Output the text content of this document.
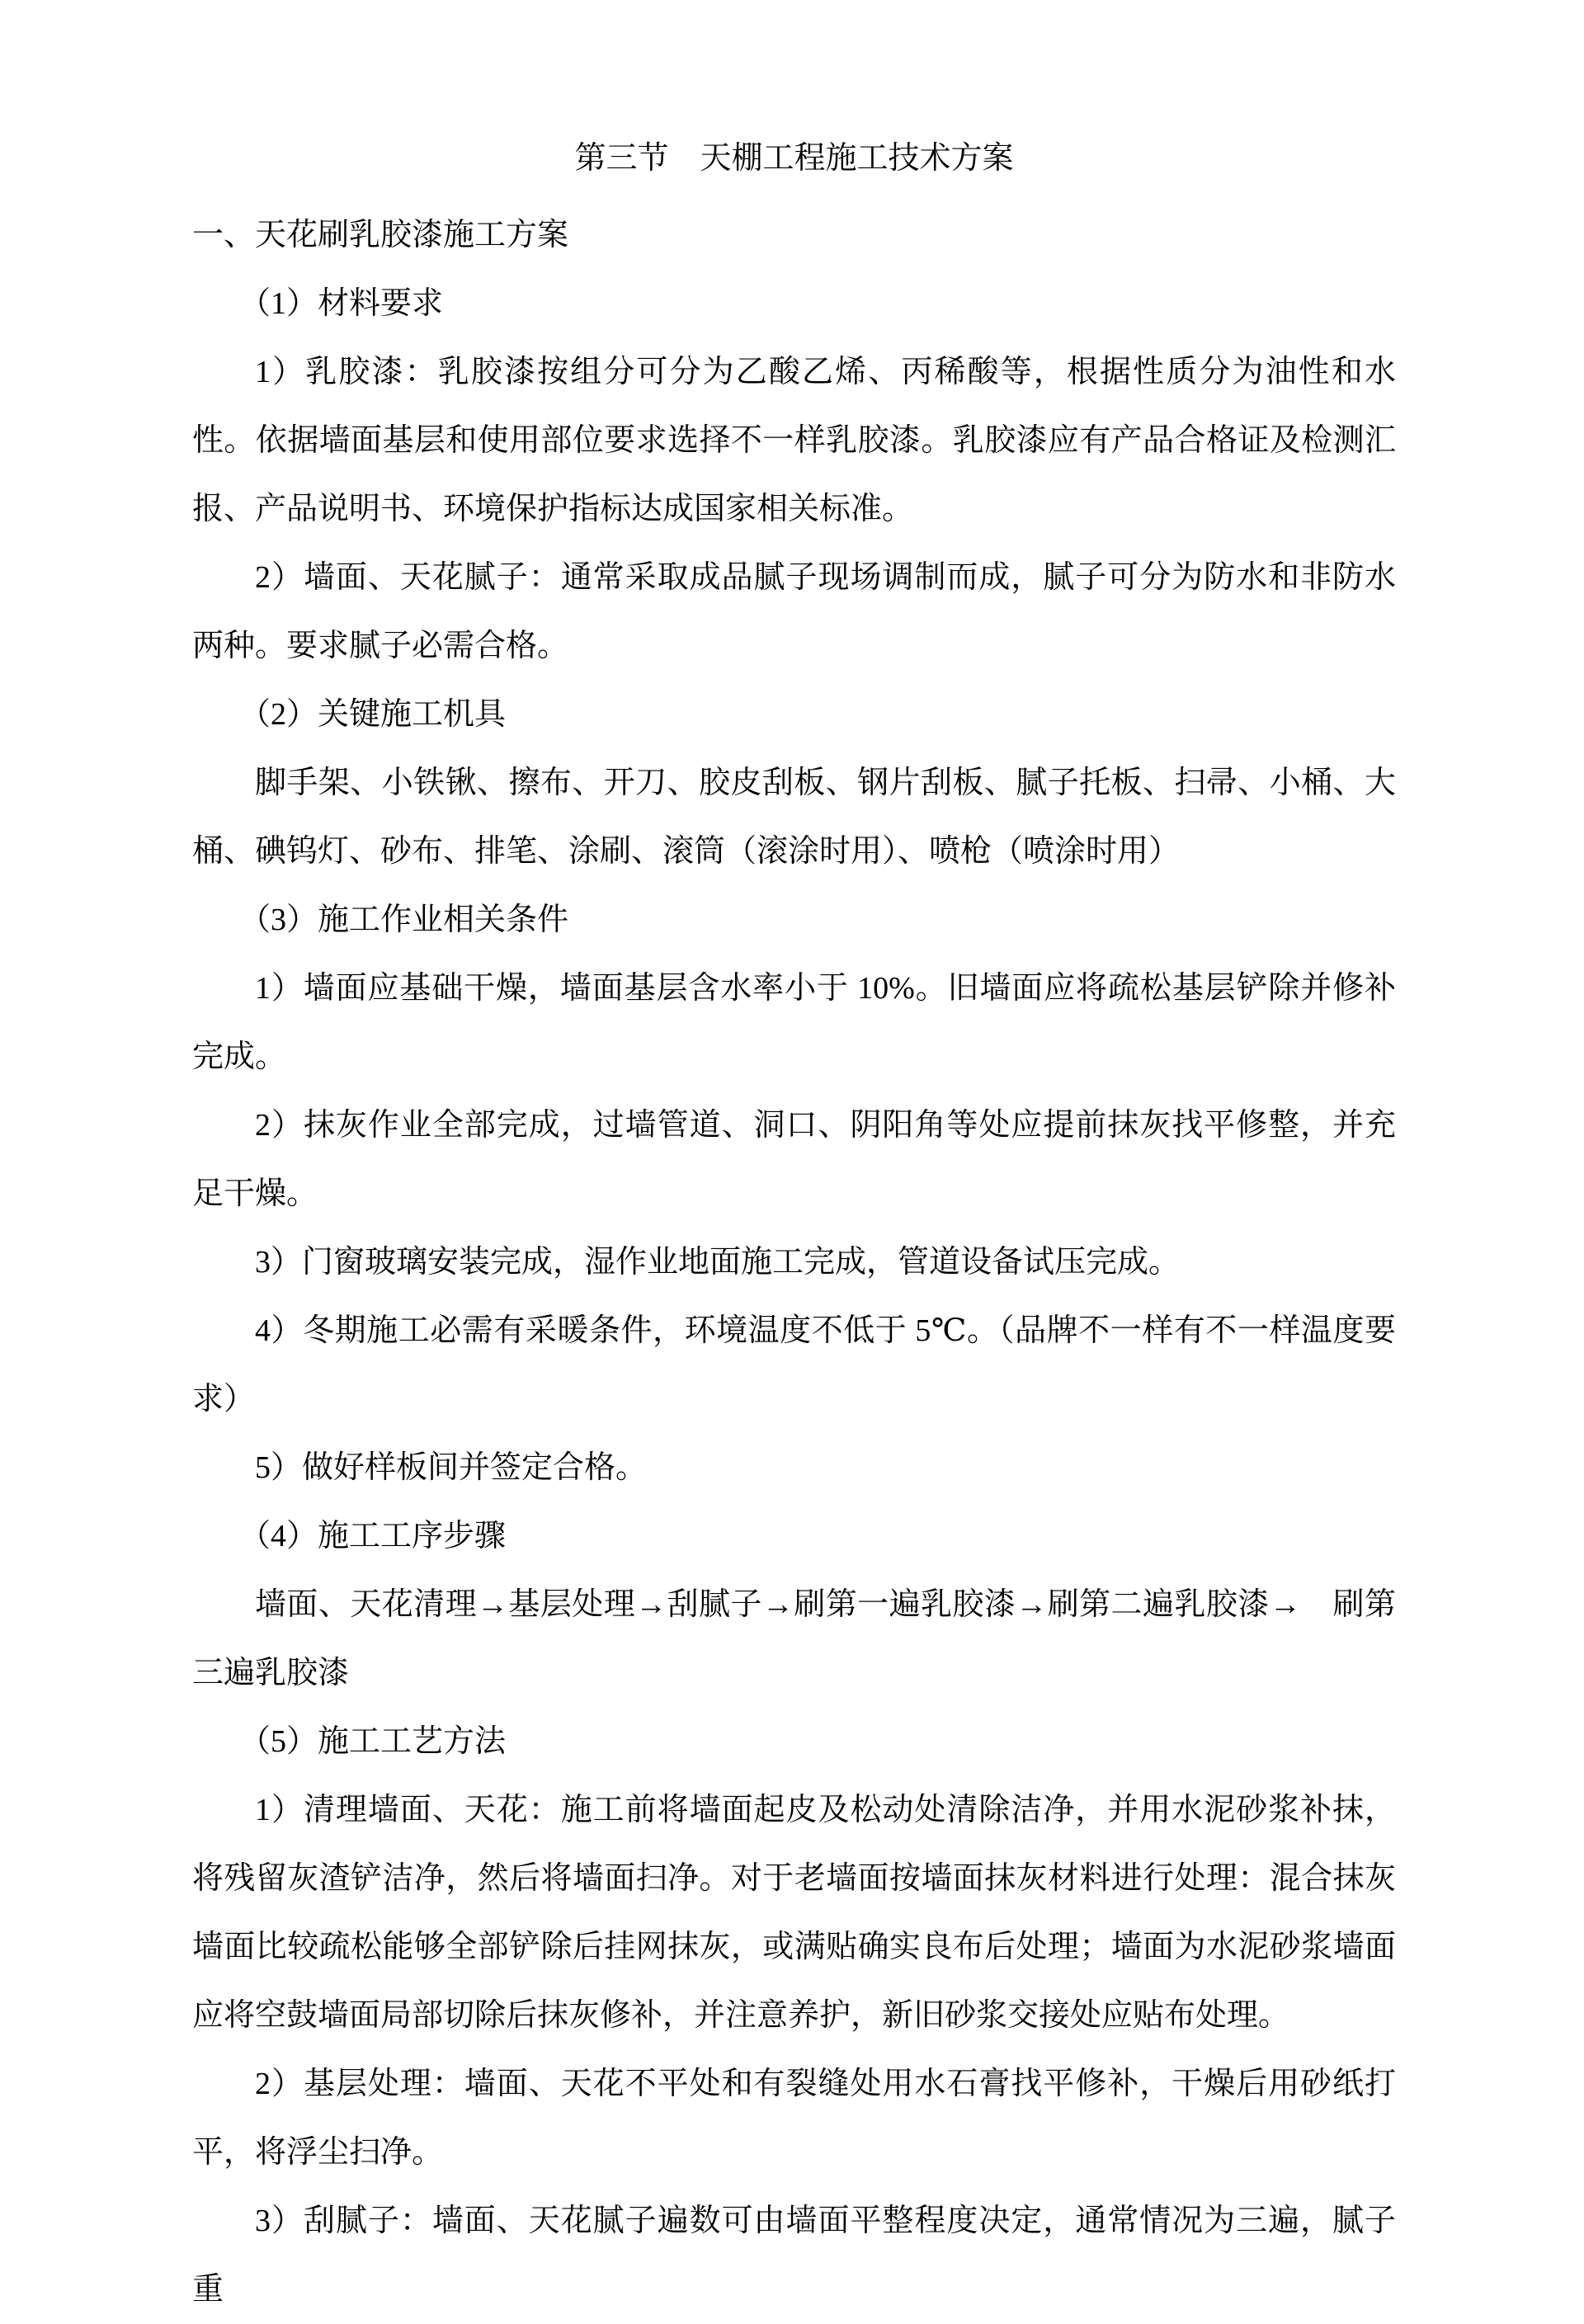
第三节　天棚工程施工技术方案

一、天花刷乳胶漆施工方案

（1）材料要求

1）乳胶漆：乳胶漆按组分可分为乙酸乙烯、丙稀酸等，根据性质分为油性和水性。依据墙面基层和使用部位要求选择不一样乳胶漆。乳胶漆应有产品合格证及检测汇报、产品说明书、环境保护指标达成国家相关标准。

2）墙面、天花腻子：通常采取成品腻子现场调制而成，腻子可分为防水和非防水两种。要求腻子必需合格。

（2）关键施工机具

脚手架、小铁锹、擦布、开刀、胶皮刮板、钢片刮板、腻子托板、扫帚、小桶、大桶、碘钨灯、砂布、排笔、涂刷、滚筒（滚涂时用）、喷枪（喷涂时用）

（3）施工作业相关条件

1）墙面应基础干燥，墙面基层含水率小于 10%。旧墙面应将疏松基层铲除并修补完成。

2）抹灰作业全部完成，过墙管道、洞口、阴阳角等处应提前抹灰找平修整，并充足干燥。

3）门窗玻璃安装完成，湿作业地面施工完成，管道设备试压完成。

4）冬期施工必需有采暖条件，环境温度不低于 5℃。（品牌不一样有不一样温度要求）

5）做好样板间并签定合格。

（4）施工工序步骤

墙面、天花清理→基层处理→刮腻子→刷第一遍乳胶漆→刷第二遍乳胶漆→　刷第三遍乳胶漆

（5）施工工艺方法

1）清理墙面、天花：施工前将墙面起皮及松动处清除洁净，并用水泥砂浆补抹，将残留灰渣铲洁净，然后将墙面扫净。对于老墙面按墙面抹灰材料进行处理：混合抹灰墙面比较疏松能够全部铲除后挂网抹灰，或满贴确实良布后处理；墙面为水泥砂浆墙面应将空鼓墙面局部切除后抹灰修补，并注意养护，新旧砂浆交接处应贴布处理。

2）基层处理：墙面、天花不平处和有裂缝处用水石膏找平修补，干燥后用砂纸打平，将浮尘扫净。

3）刮腻子：墙面、天花腻子遍数可由墙面平整程度决定，通常情况为三遍，腻子重
